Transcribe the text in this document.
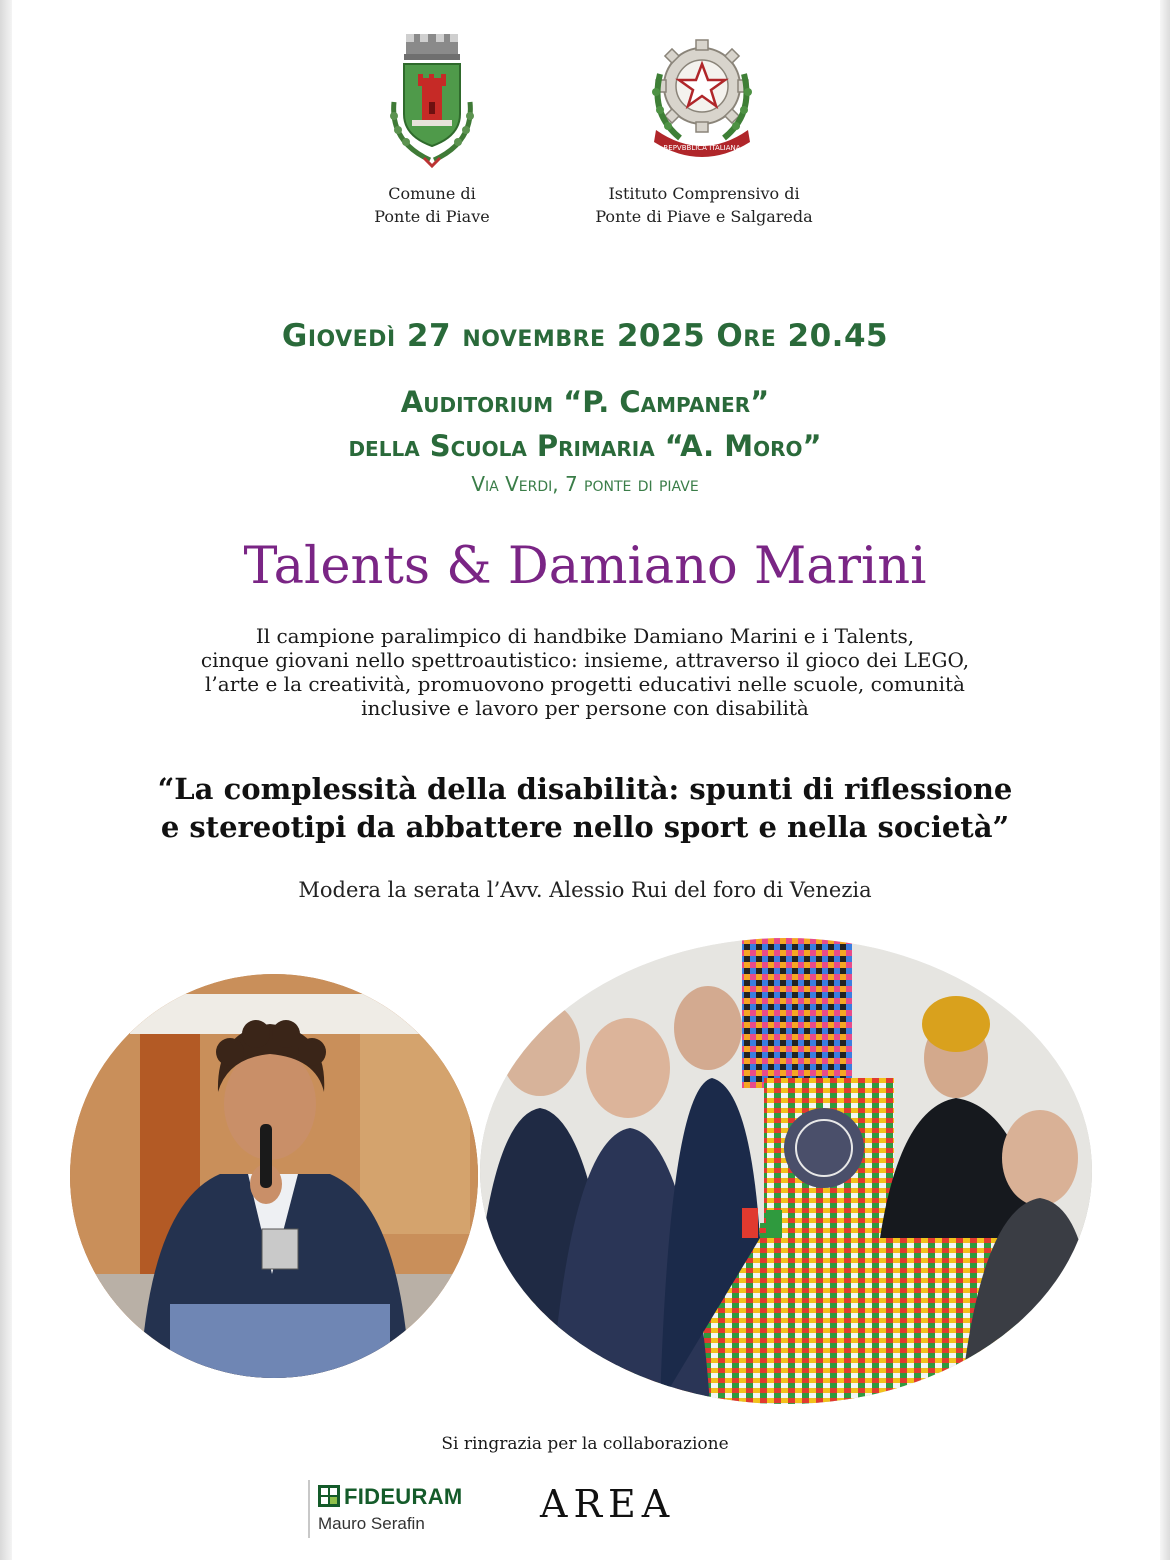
Comune di
Ponte di Piave
REPVBBLICA ITALIANA
Istituto Comprensivo di
Ponte di Piave e Salgareda
Giovedì 27 novembre 2025 Ore 20.45
Auditorium “P. Campaner”
della Scuola Primaria “A. Moro”
Via Verdi, 7 ponte di piave
Talents & Damiano Marini
Il campione paralimpico di handbike Damiano Marini e i Talents,
cinque giovani nello spettroautistico: insieme, attraverso il gioco dei LEGO,
l’arte e la creatività, promuovono progetti educativi nelle scuole, comunità
inclusive e lavoro per persone con disabilità
“La complessità della disabilità: spunti di riflessione
e stereotipi da abbattere nello sport e nella società”
Modera la serata l’Avv. Alessio Rui del foro di Venezia
Si ringrazia per la collaborazione
FIDEURAM
Mauro Serafin	AREA
